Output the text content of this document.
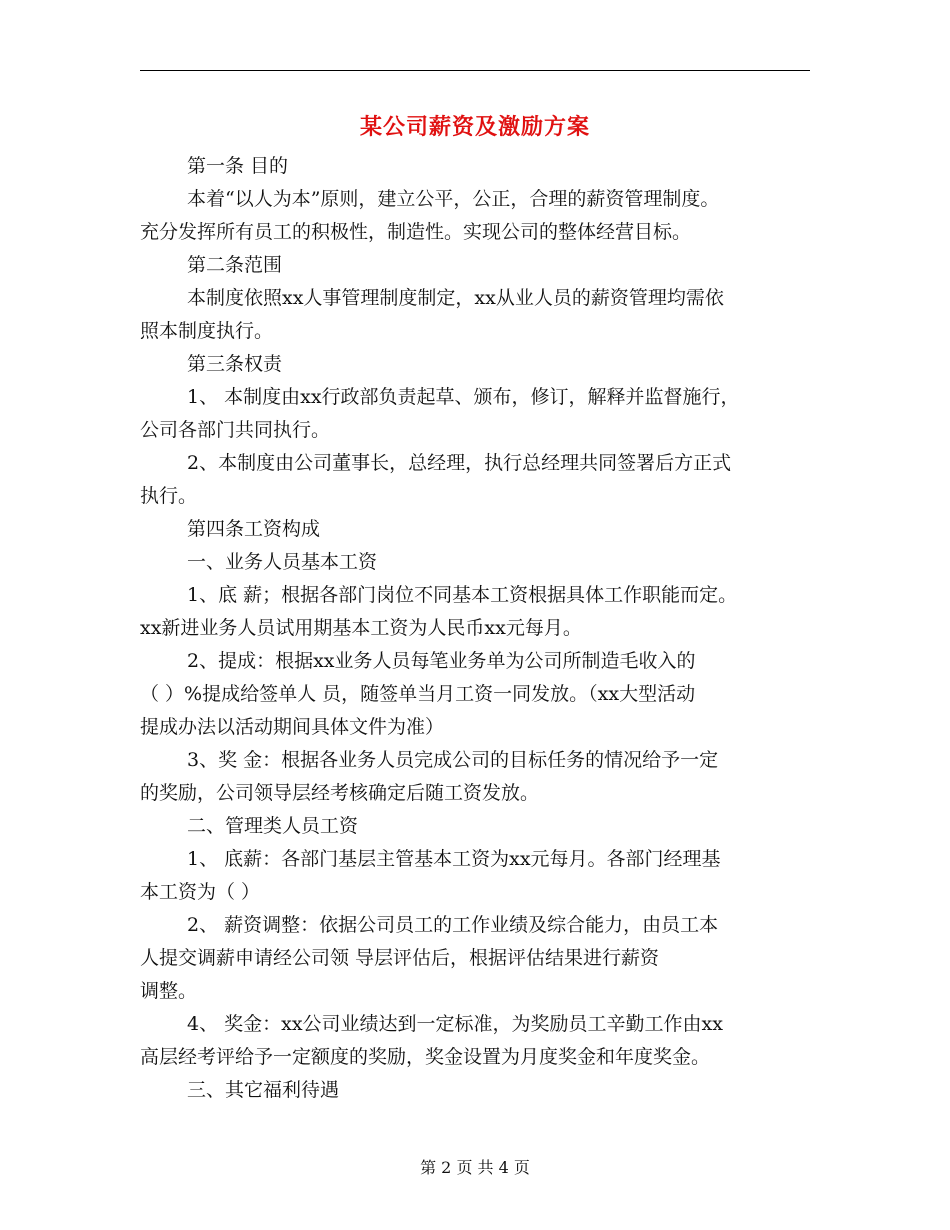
某公司薪资及激励方案

第一条 目的

本着“以人为本”原则，建立公平，公正，合理的薪资管理制度。

充分发挥所有员工的积极性，制造性。实现公司的整体经营目标。

第二条范围

本制度依照xx人事管理制度制定，xx从业人员的薪资管理均需依

照本制度执行。

第三条权责

1、 本制度由xx行政部负责起草、颁布，修订，解释并监督施行，

公司各部门共同执行。

2、本制度由公司董事长，总经理，执行总经理共同签署后方正式

执行。

第四条工资构成

一、业务人员基本工资

1、底 薪；根据各部门岗位不同基本工资根据具体工作职能而定。

xx新进业务人员试用期基本工资为人民币xx元每月。

2、提成：根据xx业务人员每笔业务单为公司所制造毛收入的

（ ）%提成给签单人 员，随签单当月工资一同发放。（xx大型活动

提成办法以活动期间具体文件为准）

3、奖 金：根据各业务人员完成公司的目标任务的情况给予一定

的奖励，公司领导层经考核确定后随工资发放。

二、管理类人员工资

1、 底薪：各部门基层主管基本工资为xx元每月。各部门经理基

本工资为（ ）

2、 薪资调整：依据公司员工的工作业绩及综合能力，由员工本

人提交调薪申请经公司领 导层评估后，根据评估结果进行薪资

调整。

4、 奖金：xx公司业绩达到一定标准，为奖励员工辛勤工作由xx

高层经考评给予一定额度的奖励，奖金设置为月度奖金和年度奖金。

三、其它福利待遇

第 2 页 共 4 页
